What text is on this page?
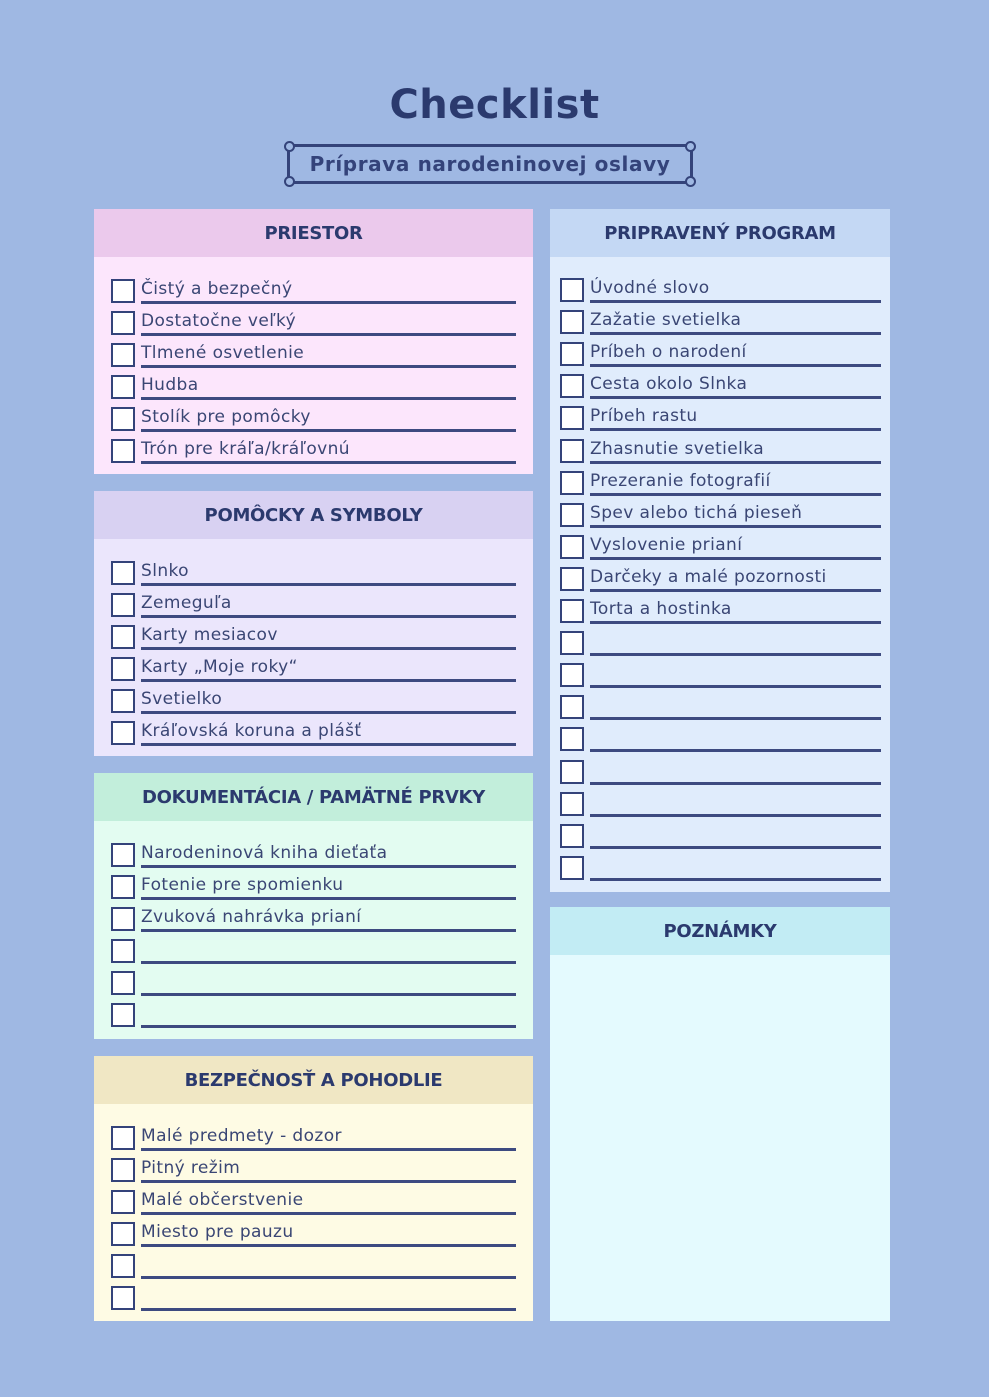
Checklist
Príprava narodeninovej oslavy
PRIESTOR
Čistý a bezpečný
Dostatočne veľký
Tlmené osvetlenie
Hudba
Stolík pre pomôcky
Trón pre kráľa/kráľovnú
POMÔCKY A SYMBOLY
Slnko
Zemeguľa
Karty mesiacov
Karty „Moje roky“
Svetielko
Kráľovská koruna a plášť
DOKUMENTÁCIA / PAMÄTNÉ PRVKY
Narodeninová kniha dieťaťa
Fotenie pre spomienku
Zvuková nahrávka prianí
BEZPEČNOSŤ A POHODLIE
Malé predmety - dozor
Pitný režim
Malé občerstvenie
Miesto pre pauzu
PRIPRAVENÝ PROGRAM
Úvodné slovo
Zažatie svetielka
Príbeh o narodení
Cesta okolo Slnka
Príbeh rastu
Zhasnutie svetielka
Prezeranie fotografií
Spev alebo tichá pieseň
Vyslovenie prianí
Darčeky a malé pozornosti
Torta a hostinka
POZNÁMKY
